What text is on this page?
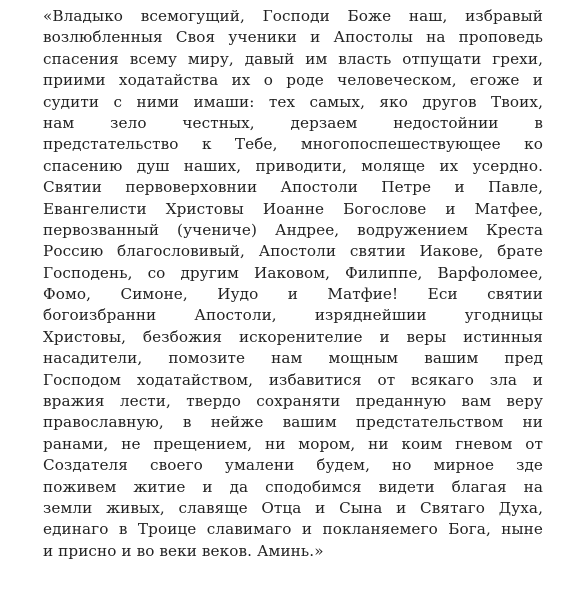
«Владыко всемогущий, Господи Боже наш, избравый
возлюбленныя Своя ученики и Апостолы на проповедь
спасения всему миру, давый им власть отпущати грехи,
приими ходатайства их о роде человеческом, егоже и
судити с ними имаши: тех самых, яко другов Твоих,
нам зело честных, дерзаем недостойнии в
предстательство к Тебе, многопоспешествующее ко
спасению душ наших, приводити, моляще их усердно.
Святии первоверховнии Апостоли Петре и Павле,
Евангелисти Христовы Иоанне Богослове и Матфее,
первозванный (учениче) Андрее, водружением Креста
Россию благословивый, Апостоли святии Иакове, брате
Господень, со другим Иаковом, Филиппе, Варфоломее,
Фомо, Симоне, Иудо и Матфие! Еси святии
богоизбранни Апостоли, изряднейшии угодницы
Христовы, безбожия искоренителие и веры истинныя
насадители, помозите нам мощным вашим пред
Господом ходатайством, избавитися от всякаго зла и
вражия лести, твердо сохраняти преданную вам веру
православную, в нейже вашим предстательством ни
ранами, не прещением, ни мором, ни коим гневом от
Создателя своего умалени будем, но мирное зде
поживем житие и да сподобимся видети благая на
земли живых, славяще Отца и Сына и Святаго Духа,
единаго в Троице славимаго и покланяемего Бога, ныне
и присно и во веки веков. Аминь.»
